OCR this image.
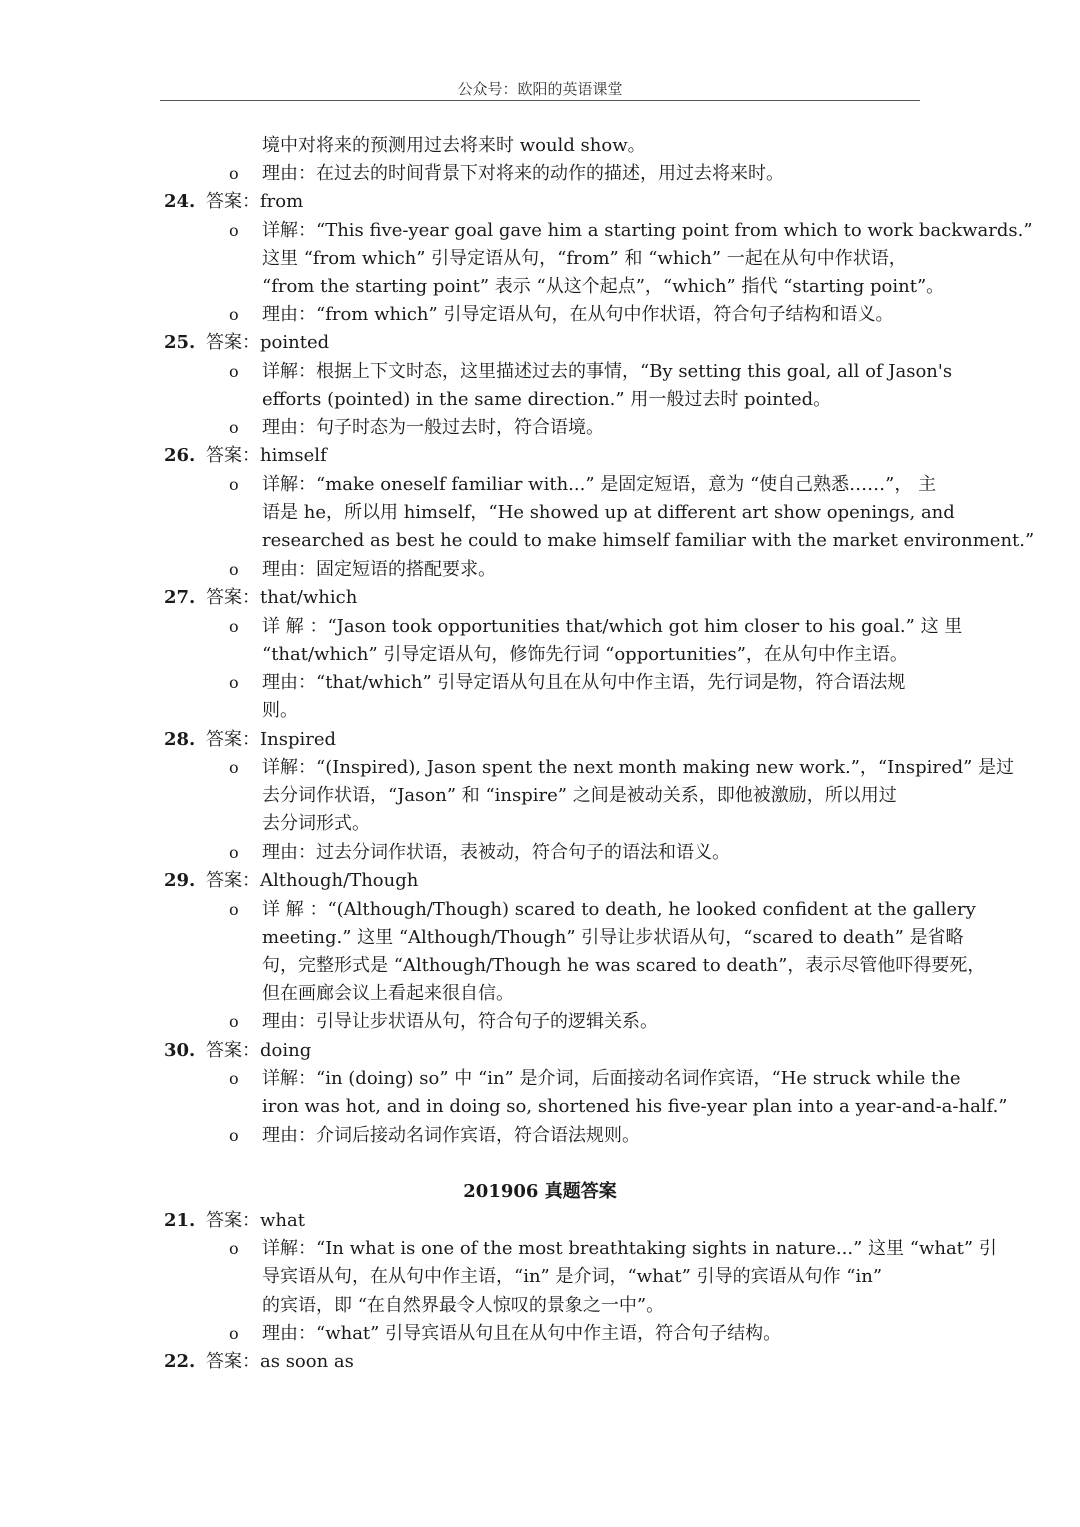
公众号：欧阳的英语课堂
境中对将来的预测用过去将来时 would show。
o 理由：在过去的时间背景下对将来的动作的描述，用过去将来时。
24. 答案：from
o 详解：“This five-year goal gave him a starting point from which to work backwards.”
这里 “from which” 引导定语从句，“from” 和 “which” 一起在从句中作状语，
“from the starting point” 表示 “从这个起点”，“which” 指代 “starting point”。
o 理由：“from which” 引导定语从句，在从句中作状语，符合句子结构和语义。
25. 答案：pointed
o 详解：根据上下文时态，这里描述过去的事情，“By setting this goal, all of Jason's
efforts (pointed) in the same direction.” 用一般过去时 pointed。
o 理由：句子时态为一般过去时，符合语境。
26. 答案：himself
o 详解：“make oneself familiar with...” 是固定短语，意为 “使自己熟悉……”， 主
语是 he，所以用 himself，“He showed up at different art show openings, and
researched as best he could to make himself familiar with the market environment.”
o 理由：固定短语的搭配要求。
27. 答案：that/which
o 详 解 ：“Jason took opportunities that/which got him closer to his goal.” 这 里
“that/which” 引导定语从句，修饰先行词 “opportunities”，在从句中作主语。
o 理由：“that/which” 引导定语从句且在从句中作主语，先行词是物，符合语法规
则。
28. 答案：Inspired
o 详解：“(Inspired), Jason spent the next month making new work.”，“Inspired” 是过
去分词作状语，“Jason” 和 “inspire” 之间是被动关系，即他被激励，所以用过
去分词形式。
o 理由：过去分词作状语，表被动，符合句子的语法和语义。
29. 答案：Although/Though
o 详 解 ：“(Although/Though) scared to death, he looked confident at the gallery
meeting.” 这里 “Although/Though” 引导让步状语从句，“scared to death” 是省略
句，完整形式是 “Although/Though he was scared to death”，表示尽管他吓得要死，
但在画廊会议上看起来很自信。
o 理由：引导让步状语从句，符合句子的逻辑关系。
30. 答案：doing
o 详解：“in (doing) so” 中 “in” 是介词，后面接动名词作宾语，“He struck while the
iron was hot, and in doing so, shortened his five-year plan into a year-and-a-half.”
o 理由：介词后接动名词作宾语，符合语法规则。
201906 真题答案
21. 答案：what
o 详解：“In what is one of the most breathtaking sights in nature...” 这里 “what” 引
导宾语从句，在从句中作主语，“in” 是介词，“what” 引导的宾语从句作 “in”
的宾语，即 “在自然界最令人惊叹的景象之一中”。
o 理由：“what” 引导宾语从句且在从句中作主语，符合句子结构。
22. 答案：as soon as
